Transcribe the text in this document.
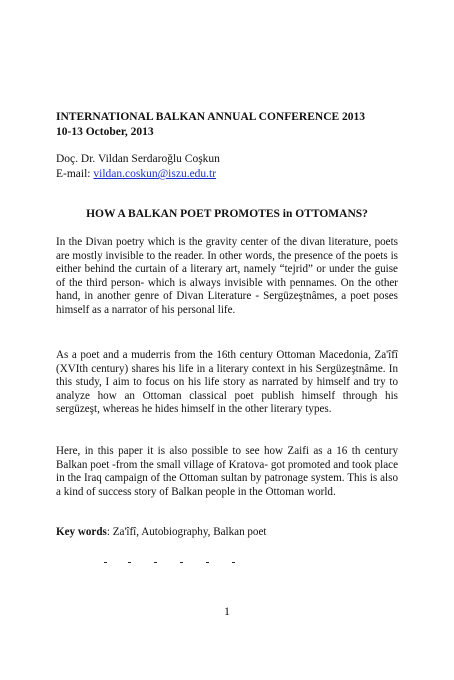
INTERNATIONAL BALKAN ANNUAL CONFERENCE 2013
10-13 October, 2013
Doç. Dr. Vildan Serdaroğlu Coşkun
E-mail: vildan.coskun@iszu.edu.tr
HOW A BALKAN POET PROMOTES in OTTOMANS?
In the Divan poetry which is the gravity center of the divan literature, poets are mostly invisible to the reader. In other words, the presence of the poets is either behind the curtain of a literary art, namely “tejrid” or under the guise of the third person- which is always invisible with pennames. On the other hand, in another genre of Divan Literature - Sergüzeştnâmes, a poet poses himself as a narrator of his personal life.
As a poet and a muderris from the 16th century Ottoman Macedonia, Za'îfî (XVIth century) shares his life in a literary context in his Sergüzeştnâme. In this study, I aim to focus on his life story as narrated by himself and try to analyze how an Ottoman classical poet publish himself through his sergüzeşt, whereas he hides himself in the other literary types.
Here, in this paper it is also possible to see how Zaifi as a 16 th century Balkan poet -from the small village of Kratova- got promoted and took place in the Iraq campaign of the Ottoman sultan by patronage system. This is also a kind of success story of Balkan people in the Ottoman world.
Key words: Za'îfî, Autobiography, Balkan poet
1
